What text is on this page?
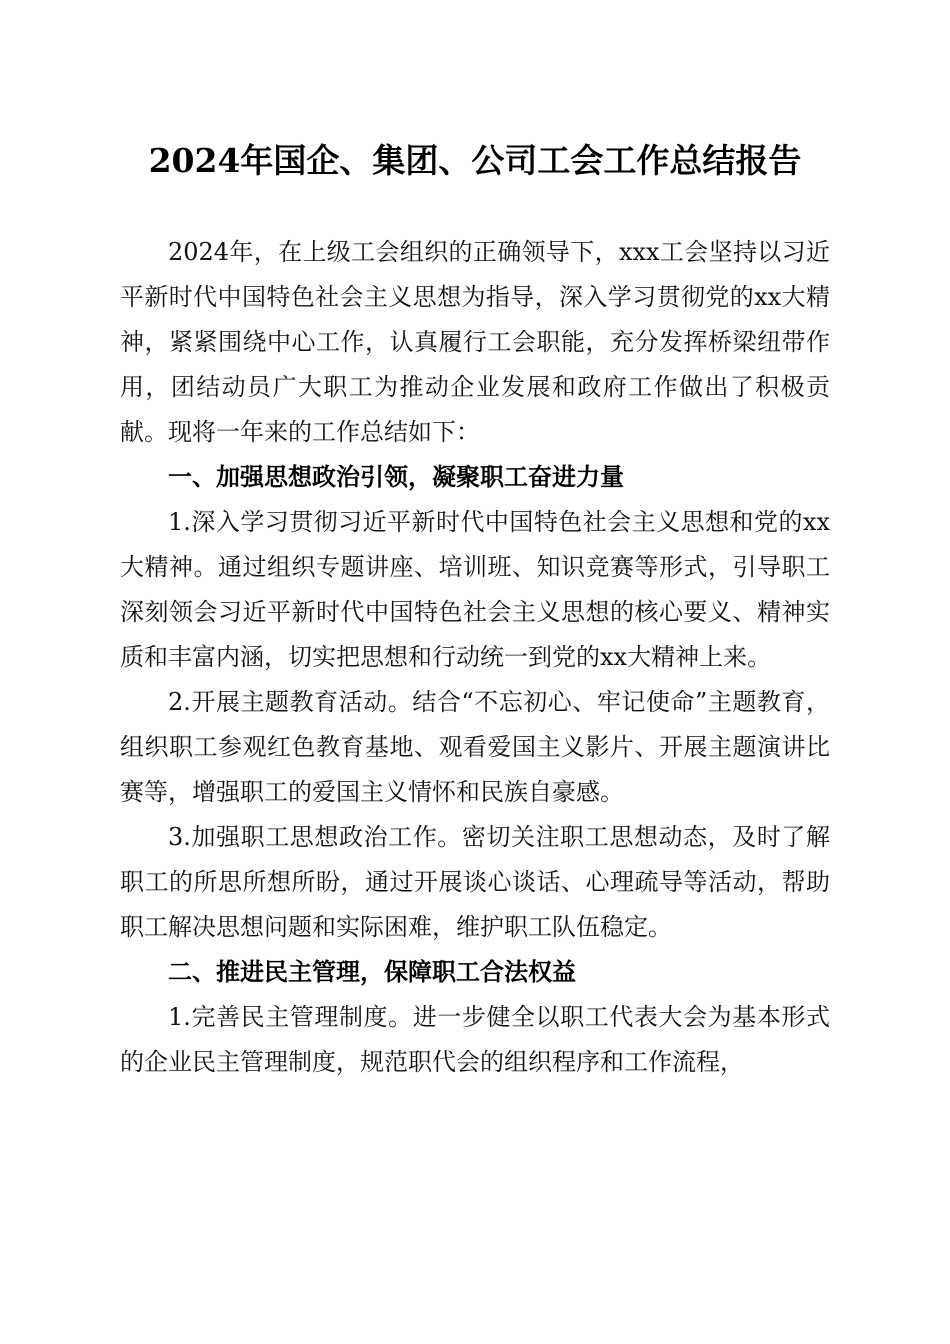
2024年国企、集团、公司工会工作总结报告

2024年，在上级工会组织的正确领导下，xxx工会坚持以习近平新时代中国特色社会主义思想为指导，深入学习贯彻党的xx大精神，紧紧围绕中心工作，认真履行工会职能，充分发挥桥梁纽带作用，团结动员广大职工为推动企业发展和政府工作做出了积极贡献。现将一年来的工作总结如下：

一、加强思想政治引领，凝聚职工奋进力量

1.深入学习贯彻习近平新时代中国特色社会主义思想和党的xx大精神。通过组织专题讲座、培训班、知识竞赛等形式，引导职工深刻领会习近平新时代中国特色社会主义思想的核心要义、精神实质和丰富内涵，切实把思想和行动统一到党的xx大精神上来。

2.开展主题教育活动。结合“不忘初心、牢记使命”主题教育，组织职工参观红色教育基地、观看爱国主义影片、开展主题演讲比赛等，增强职工的爱国主义情怀和民族自豪感。

3.加强职工思想政治工作。密切关注职工思想动态，及时了解职工的所思所想所盼，通过开展谈心谈话、心理疏导等活动，帮助职工解决思想问题和实际困难，维护职工队伍稳定。

二、推进民主管理，保障职工合法权益

1.完善民主管理制度。进一步健全以职工代表大会为基本形式的企业民主管理制度，规范职代会的组织程序和工作流程，
